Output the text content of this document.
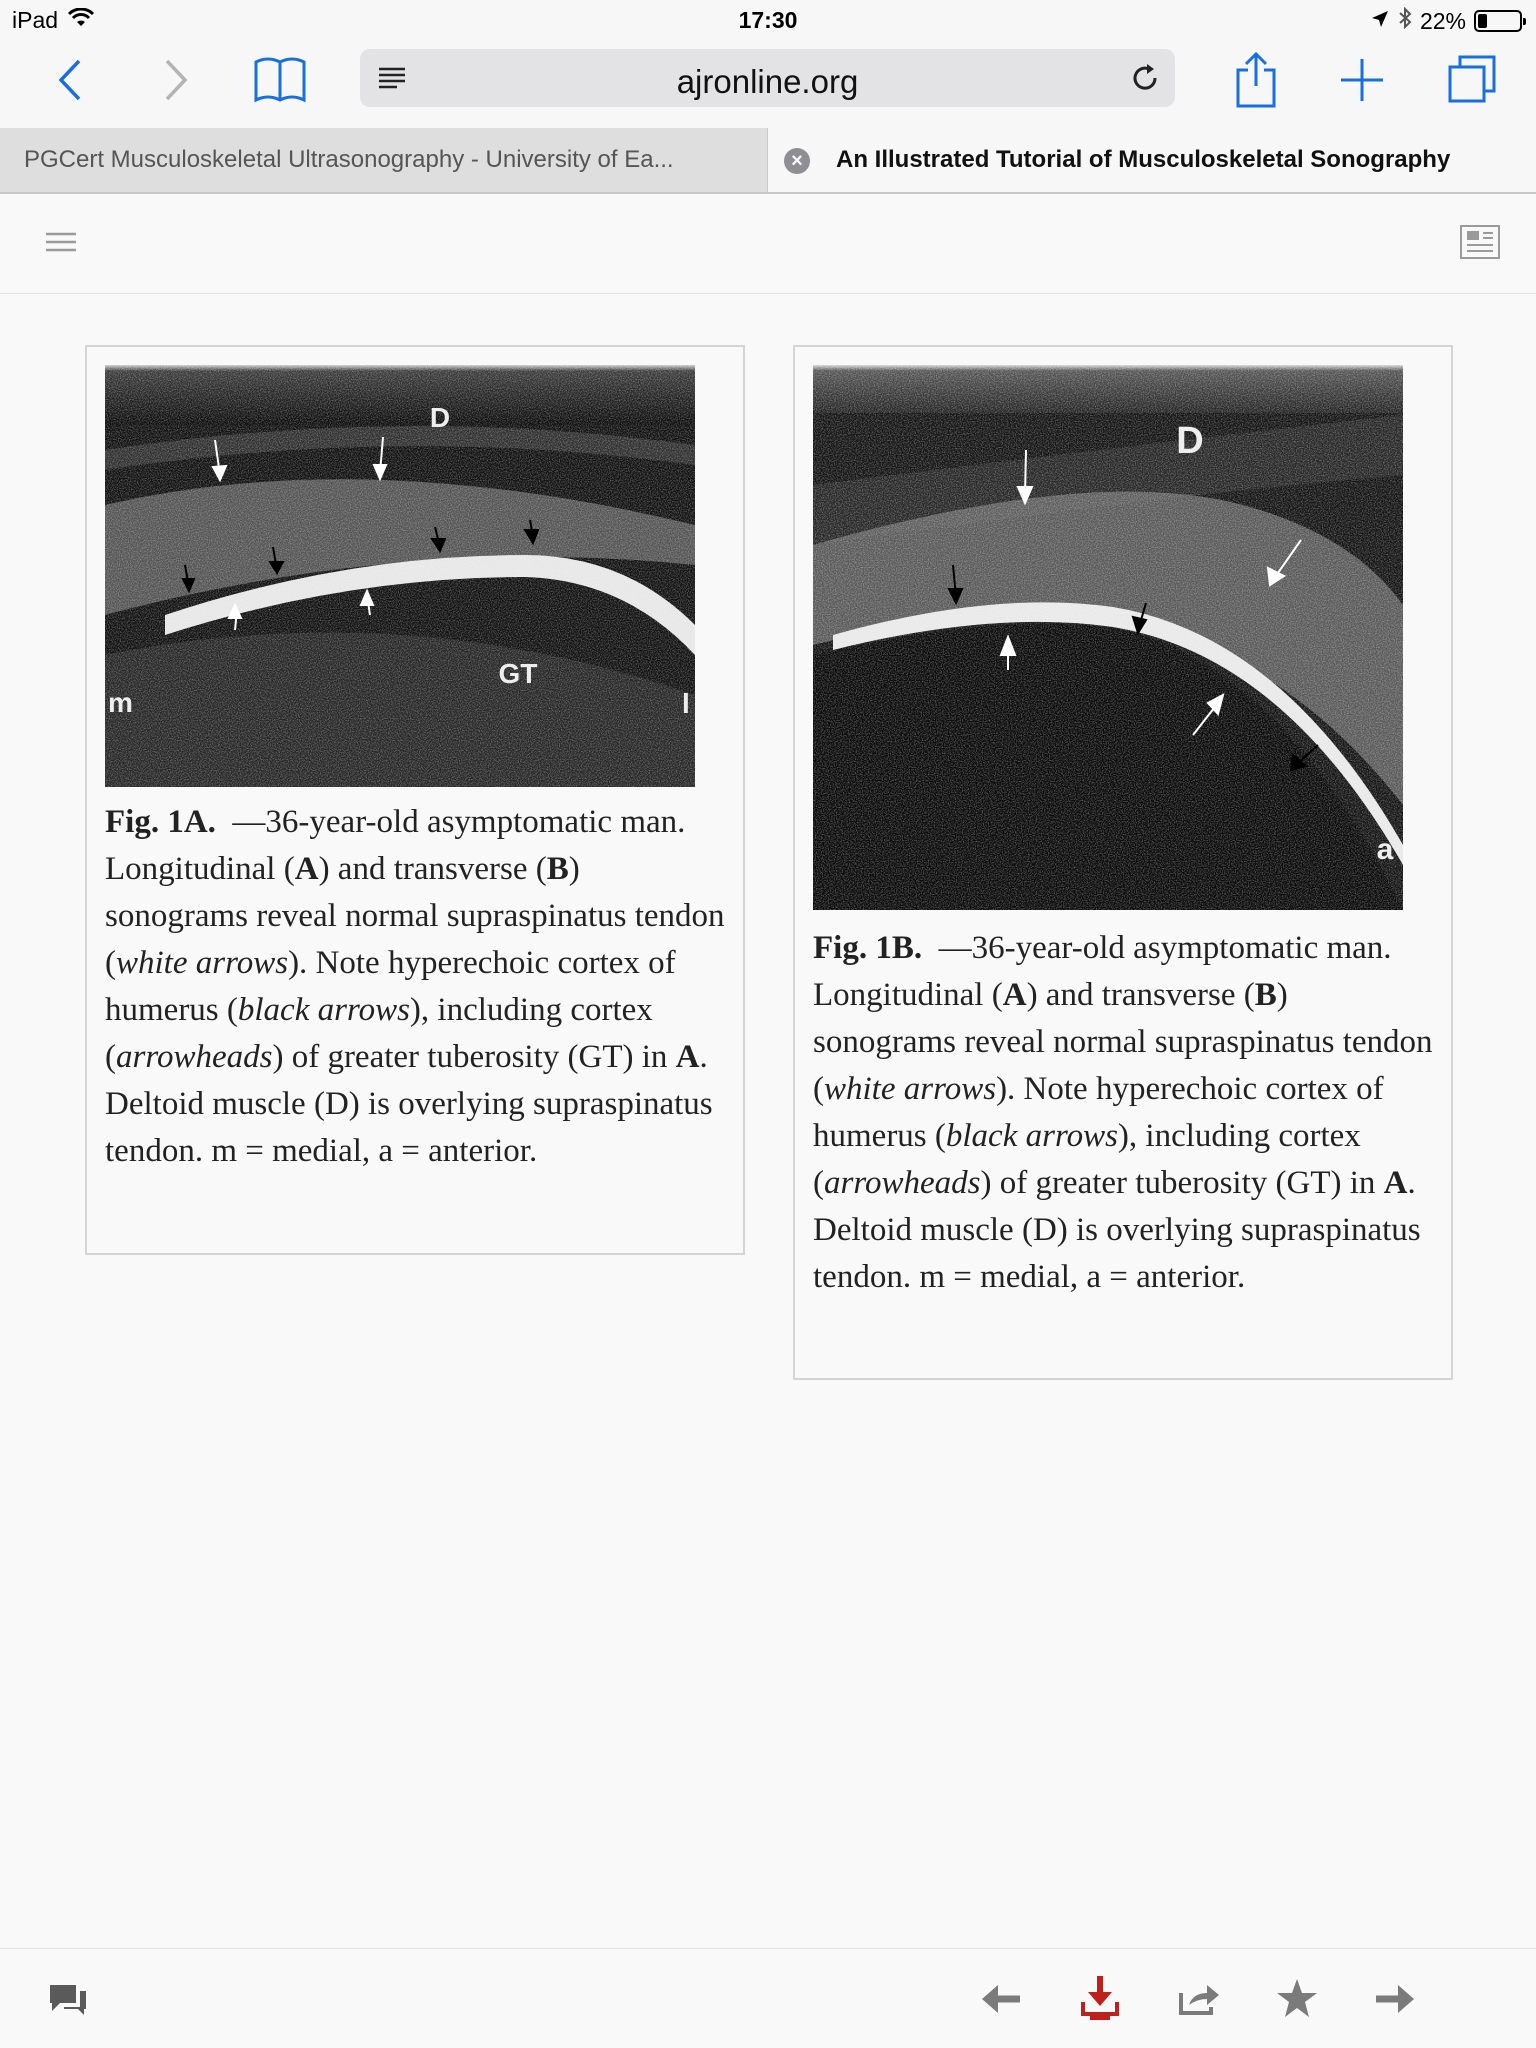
iPad	17:30	22%
ajronline.org
PGCert Musculoskeletal Ultrasonography - University of Ea...	× An Illustrated Tutorial of Musculoskeletal Sonography
D
GT
m	l
Fig. 1A. —36-year-old asymptomatic man. Longitudinal (A) and transverse (B) sonograms reveal normal supraspinatus tendon (white arrows). Note hyperechoic cortex of humerus (black arrows), including cortex (arrowheads) of greater tuberosity (GT) in A. Deltoid muscle (D) is overlying supraspinatus tendon. m = medial, a = anterior.
D
a
Fig. 1B. —36-year-old asymptomatic man. Longitudinal (A) and transverse (B) sonograms reveal normal supraspinatus tendon (white arrows). Note hyperechoic cortex of humerus (black arrows), including cortex (arrowheads) of greater tuberosity (GT) in A. Deltoid muscle (D) is overlying supraspinatus tendon. m = medial, a = anterior.
